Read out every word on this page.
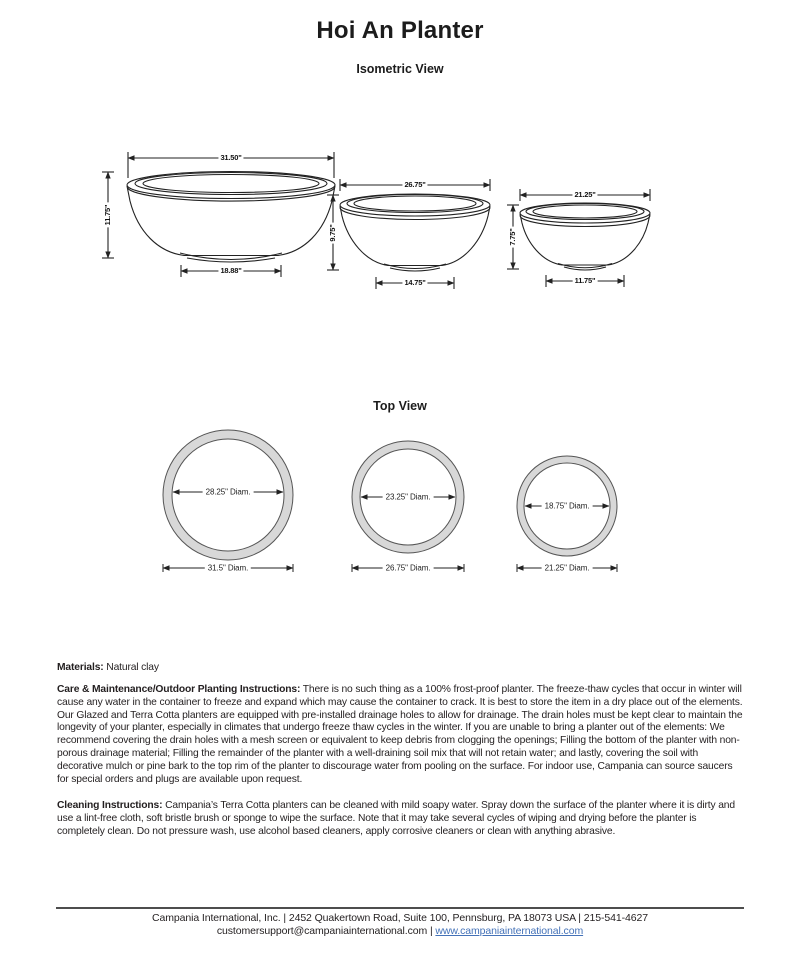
Hoi An Planter
Isometric View
31.50"
11.75"
18.88"
26.75"
9.75"
14.75"
21.25"
7.75"
11.75"
Top View
28.25" Diam.
31.5" Diam.
23.25" Diam.
26.75" Diam.
18.75" Diam.
21.25" Diam.
Materials: Natural clay
Care & Maintenance/Outdoor Planting Instructions: There is no such thing as a 100% frost-proof planter. The freeze-thaw cycles that occur in winter will cause any water in the container to freeze and expand which may cause the container to crack. It is best to store the item in a dry place out of the elements. Our Glazed and Terra Cotta planters are equipped with pre-installed drainage holes to allow for drainage. The drain holes must be kept clear to maintain the longevity of your planter, especially in climates that undergo freeze thaw cycles in the winter. If you are unable to bring a planter out of the elements: We recommend covering the drain holes with a mesh screen or equivalent to keep debris from clogging the openings; Filling the bottom of the planter with non-porous drainage material; Filling the remainder of the planter with a well-draining soil mix that will not retain water; and lastly, covering the soil with decorative mulch or pine bark to the top rim of the planter to discourage water from pooling on the surface. For indoor use, Campania can source saucers for special orders and plugs are available upon request.
Cleaning Instructions: Campania’s Terra Cotta planters can be cleaned with mild soapy water. Spray down the surface of the planter where it is dirty and use a lint-free cloth, soft bristle brush or sponge to wipe the surface. Note that it may take several cycles of wiping and drying before the planter is completely clean. Do not pressure wash, use alcohol based cleaners, apply corrosive cleaners or clean with anything abrasive.
Campania International, Inc. | 2452 Quakertown Road, Suite 100, Pennsburg, PA 18073 USA | 215-541-4627
customersupport@campaniainternational.com | www.campaniainternational.com
